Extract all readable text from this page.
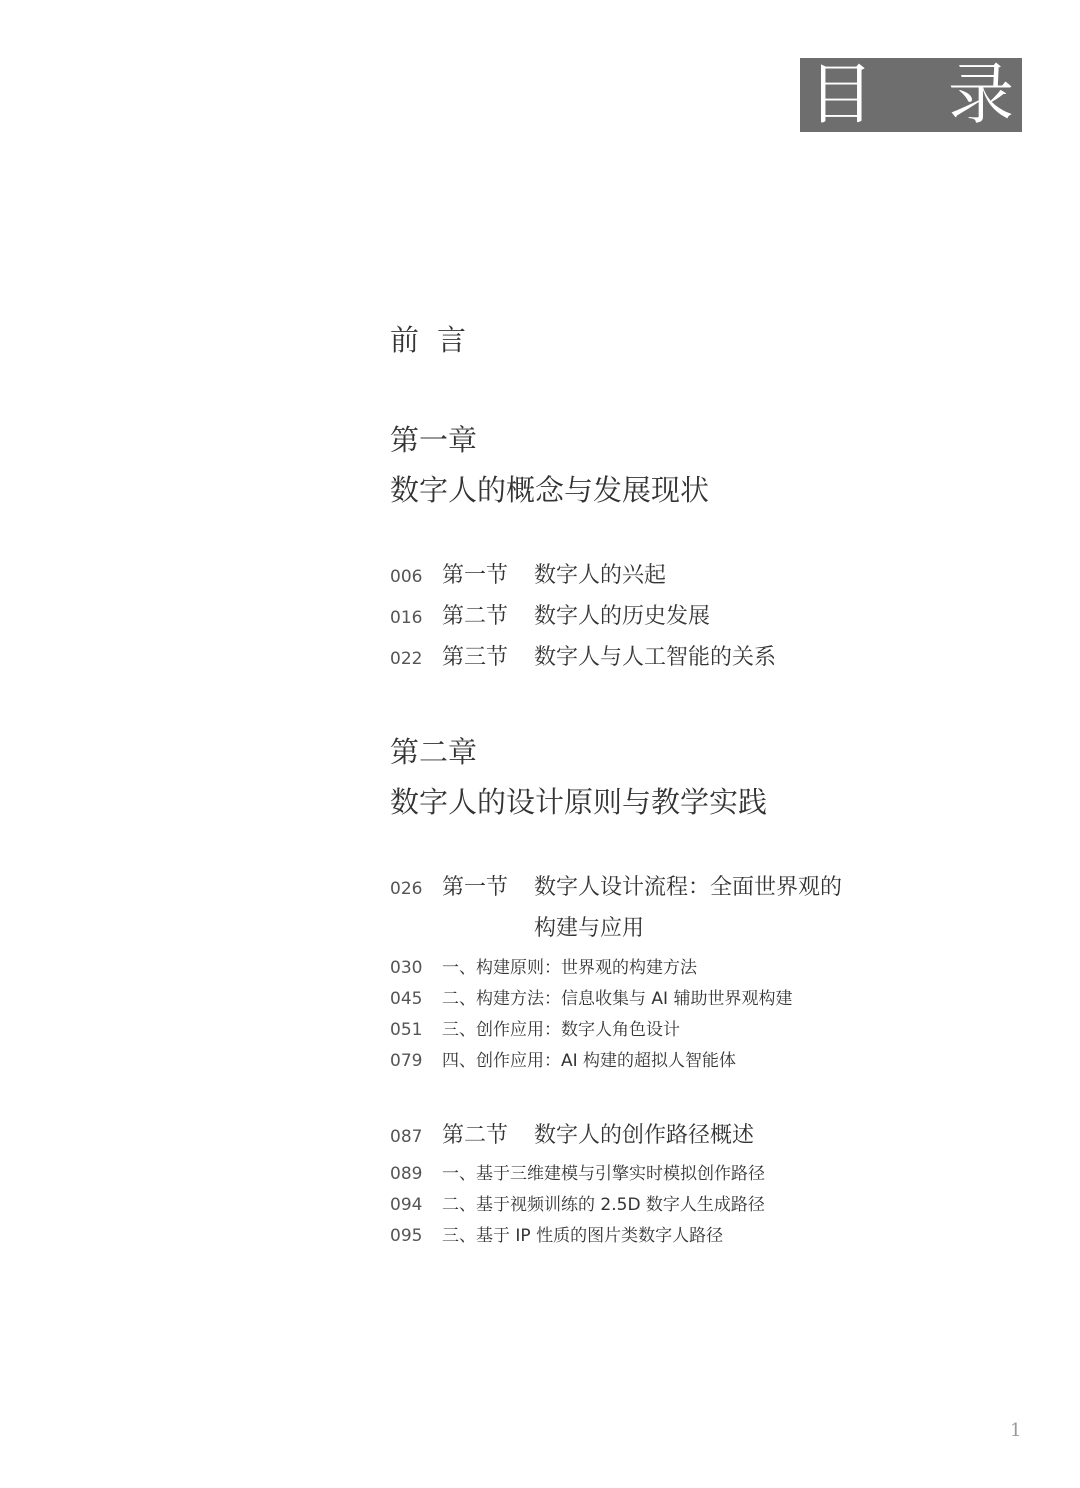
目 录
前言
第一章
数字人的概念与发展现状
006 第一节	数字人的兴起
016 第二节	数字人的历史发展
022 第三节	数字人与人工智能的关系
第二章
数字人的设计原则与教学实践
026 第一节	数字人设计流程：全面世界观的
构建与应用
030	一、构建原则：世界观的构建方法
045	二、构建方法：信息收集与 AI 辅助世界观构建
051	三、创作应用：数字人角色设计
079	四、创作应用：AI 构建的超拟人智能体
087 第二节	数字人的创作路径概述
089	一、基于三维建模与引擎实时模拟创作路径
094	二、基于视频训练的 2.5D 数字人生成路径
095	三、基于 IP 性质的图片类数字人路径
1
